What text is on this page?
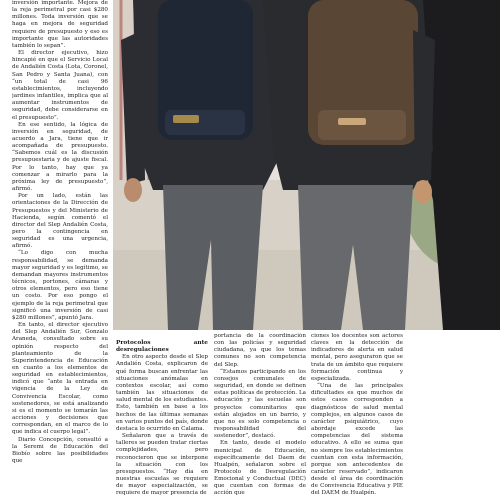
inversión importante. Mejora de la reja perimetral por casi $280 millones. Toda inversión que se haga en mejora de seguridad requiere de presupuesto y eso es importante que las autoridades también lo sepan”.

El director ejecutivo, hizo hincapié en que el Servicio Local de Andalién Costa (Lota, Coronel, San Pedro y Santa Juana), con “un total de casi 96 establecimientos, incluyendo jardines infantiles, implica que al aumentar instrumentos de seguridad, debe considerarse en el presupuesto”.

En ese sentido, la lógica de inversión en seguridad, de acuerdo a Jara, tiene que ir acompañada de presupuesto. “Sabemos cuál es la discusión presupuestaria y de ajuste fiscal. Por lo tanto, hay que ya comenzar a mirarlo para la próxima ley de presupuesto”, afirmó.

Por un lado, están las orientaciones de la Dirección de Presupuestos y del Ministerio de Hacienda, según comentó el director del Slep Andalién Costa, pero la contingencia en seguridad es una urgencia, afirmó.

“Lo digo con mucha responsabilidad, se demanda mayor seguridad y es legítimo, se demandan mayores instrumentos técnicos, portones, cámaras y otros elementos, pero eso tiene un costo. Por eso pongo el ejemplo de la reja perimetral que significó una inversión de casi $280 millones”, apuntó Jara.

En tanto, el director ejecutivo del Slep Andalién Sur, Gonzalo Araneda, consultado sobre su opinión respecto del planteamiento de la Superintendencia de Educación en cuanto a los elementos de seguridad en establecimientos, indicó que “ante la entrada en vigencia de la Ley de Convivencia Escolar, como sostenedores, se está analizando si es el momento se tomarán las acciones y decisiones que correspondan, en el marco de lo que indica el cuerpo legal”.

Diario Concepción, consultó a la Seremi de Educación del Biobío sobre las posibilidades que

Protocolos ante desregulaciones

En otro aspecto desde el Slep Andalién Costa, explicaron de qué forma buscan enfrentar las situaciones anómalas en contextos escolar, así como también las situaciones de salud mental de los estudiantes. Esto, también en base a los hechos de las últimas semanas en varios puntos del país, donde destaca lo ocurrido en Calama.

Señalaron que a través de talleres se pueden tratar ciertas complejidades, pero reconocieron que se interpone la situación con los presupuestos. “Hay día en nuestras escuelas se requiere de mayor especialización, se requiere de mayor presencia de

portancia de la coordinación con las policías y seguridad ciudadana, ya que los temas comunes no son competencia del Slep.

“Estamos participando en los consejos comunales de seguridad, en donde se definen estas políticas de protección. La educación y las escuelas son proyectos comunitarios que están alojados en un barrio, y que no es solo competencia o responsabilidad del sostenedor”, destacó.

En tanto, desde el modelo municipal de Educación, específicamente del Daem de Hualpén, señalaron sobre el Protocolo de Desregulación Emocional y Conductual (DEC) que cuentan con formas de acción que

ciones los docentes son actores claves en la detección de indicadores de alerta en salud mental, pero aseguraron que se trata de un ámbito que requiere formación continua y especializada.

“Una de las principales dificultades es que muchos de estos casos corresponden a diagnósticos de salud mental complejos, en algunos casos de carácter psiquiátrico, cuyo abordaje excede las competencias del sistema educativo. A ello se suma que no siempre los establecimientos cuentan con esta información, porque son antecedentes de carácter reservado”, indicaron desde el área de coordinación de Convivencia Educativa y PIE del DAEM de Hualpén.
